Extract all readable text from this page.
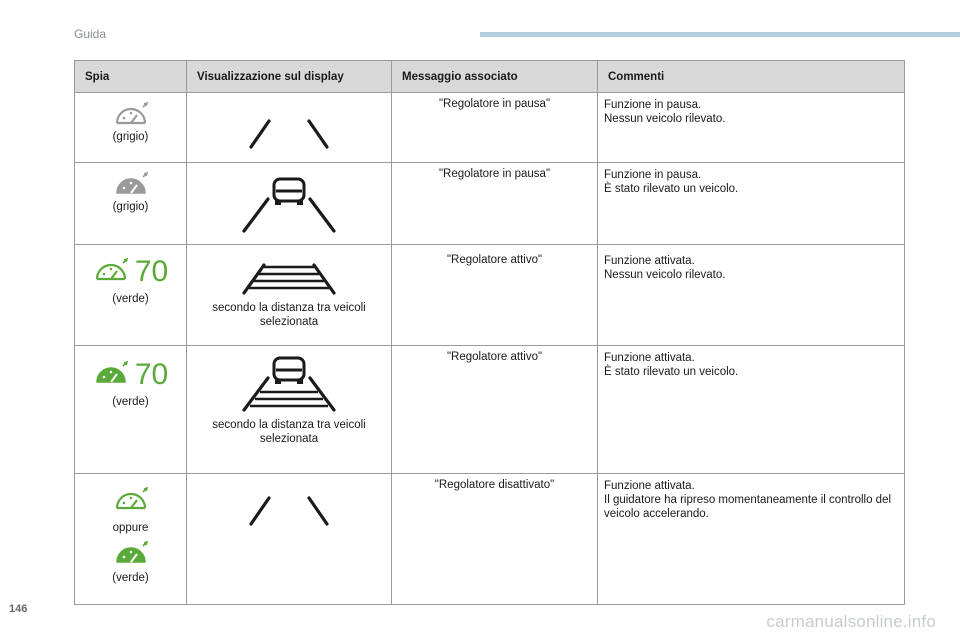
Guida
Spia	Visualizzazione sul display	Messaggio associato	Commenti

(grigio)		"Regolatore in pausa"	Funzione in pausa.
Nessun veicolo rilevato.

(grigio)		"Regolatore in pausa"	Funzione in pausa.
È stato rilevato un veicolo.

70
(verde)	secondo la distanza tra veicoli selezionata	"Regolatore attivo"	Funzione attivata.
Nessun veicolo rilevato.

70
(verde)	secondo la distanza tra veicoli selezionata	"Regolatore attivo"	Funzione attivata.
È stato rilevato un veicolo.

oppure
(verde)		"Regolatore disattivato"	Funzione attivata.
Il guidatore ha ripreso momentaneamente il controllo del veicolo accelerando.
146
carmanualsonline.info
